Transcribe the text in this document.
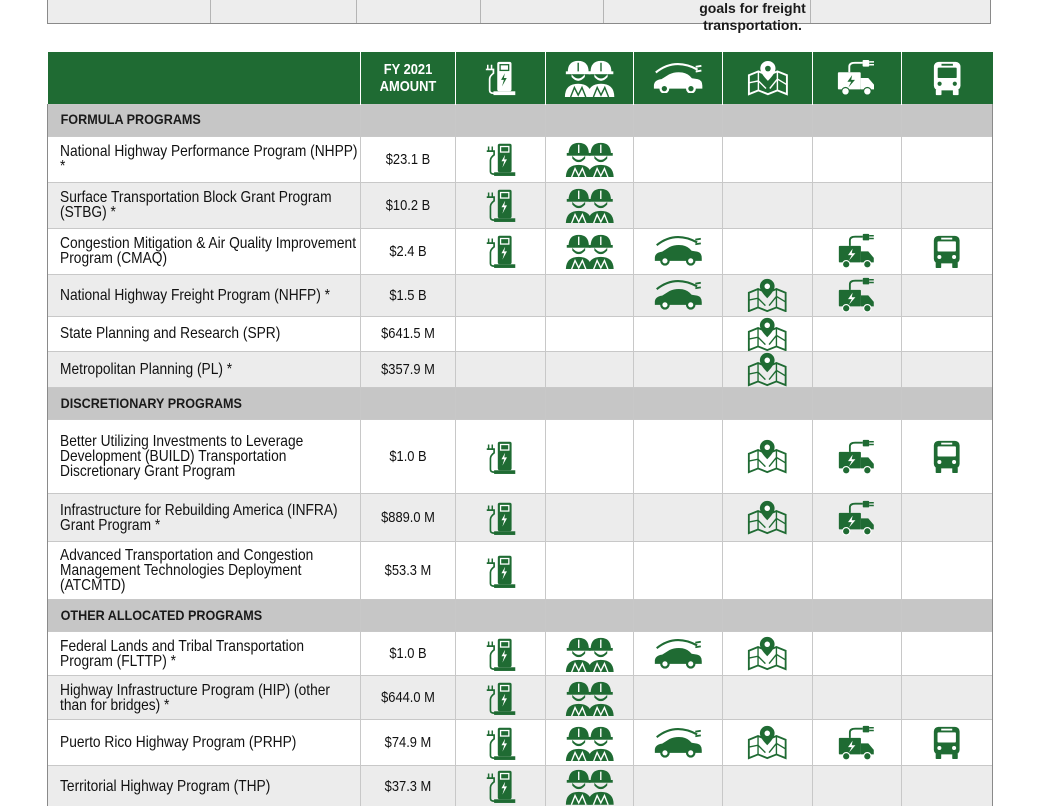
goals for freight transportation.

	FY 2021
AMOUNT

FORMULA PROGRAMS							

National Highway Performance Program (NHPP) *	$23.1 B

Surface Transportation Block Grant Program (STBG) *	$10.2 B

Congestion Mitigation & Air Quality Improvement Program (CMAQ)	$2.4 B

National Highway Freight Program (NHFP) *	$1.5 B

State Planning and Research (SPR)	$641.5 M

Metropolitan Planning (PL) *	$357.9 M

DISCRETIONARY PROGRAMS							

Better Utilizing Investments to Leverage Development (BUILD) Transportation Discretionary Grant Program	$1.0 B

Infrastructure for Rebuilding America (INFRA) Grant Program *	$889.0 M

Advanced Transportation and Congestion Management Technologies Deployment (ATCMTD)	$53.3 M

OTHER ALLOCATED PROGRAMS							

Federal Lands and Tribal Transportation Program (FLTTP) *	$1.0 B

Highway Infrastructure Program (HIP) (other than for bridges) *	$644.0 M

Puerto Rico Highway Program (PRHP)	$74.9 M

Territorial Highway Program (THP)	$37.3 M
